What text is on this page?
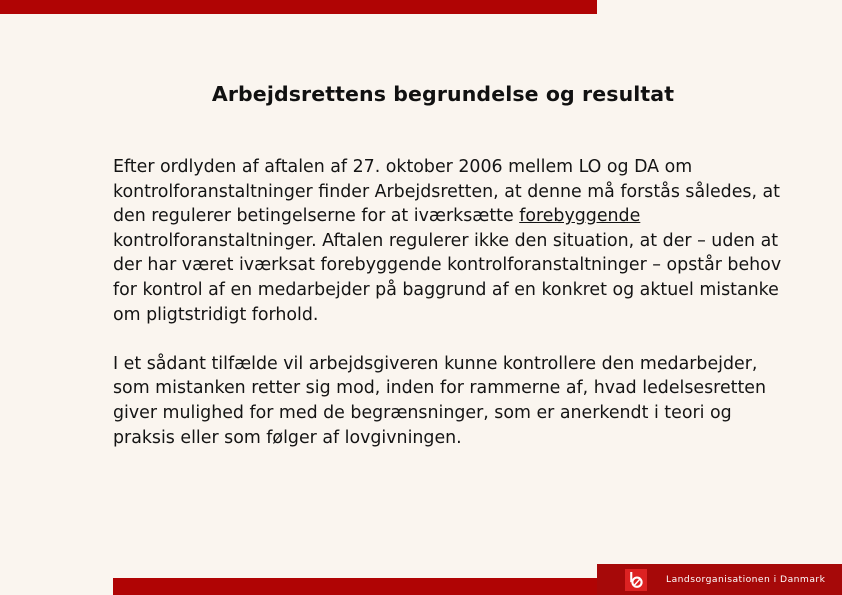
Arbejdsrettens begrundelse og resultat

Efter ordlyden af aftalen af 27. oktober 2006 mellem LO og DA om kontrolforanstaltninger finder Arbejdsretten, at denne må forstås således, at den regulerer betingelserne for at iværksætte forebyggende kontrolforanstaltninger. Aftalen regulerer ikke den situation, at der – uden at der har været iværksat forebyggende kontrolforanstaltninger – opstår behov for kontrol af en medarbejder på baggrund af en konkret og aktuel mistanke om pligtstridigt forhold.

I et sådant tilfælde vil arbejdsgiveren kunne kontrollere den medarbejder, som mistanken retter sig mod, inden for rammerne af, hvad ledelsesretten giver mulighed for med de begrænsninger, som er anerkendt i teori og praksis eller som følger af lovgivningen.

Landsorganisationen i Danmark
